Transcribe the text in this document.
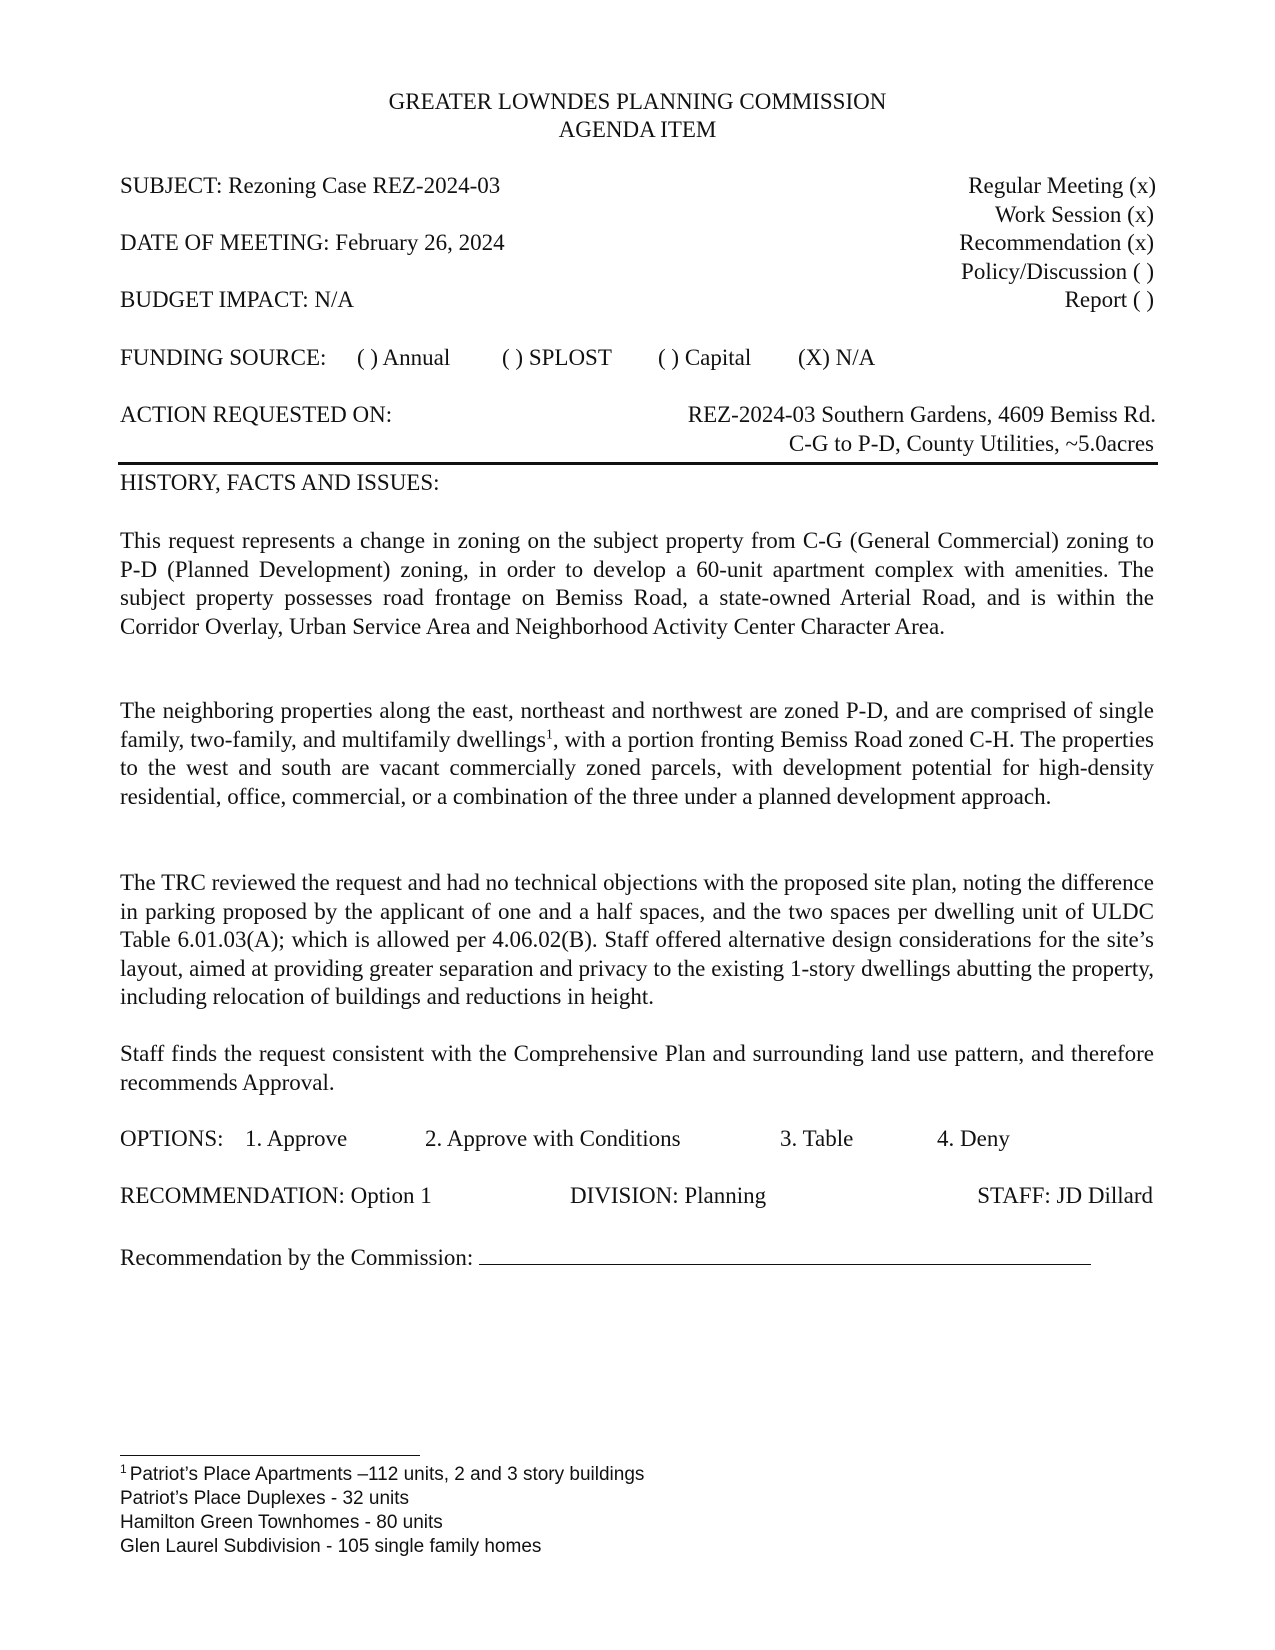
GREATER LOWNDES PLANNING COMMISSION
AGENDA ITEM
SUBJECT: Rezoning Case REZ-2024-03
DATE OF MEETING: February 26, 2024
BUDGET IMPACT: N/A
Regular Meeting (x)
Work Session (x)
Recommendation (x)
Policy/Discussion ( )
Report ( )
FUNDING SOURCE: ( ) Annual ( ) SPLOST ( ) Capital (X) N/A
ACTION REQUESTED ON:	REZ-2024-03 Southern Gardens, 4609 Bemiss Rd.
C-G to P-D, County Utilities, ~5.0acres
HISTORY, FACTS AND ISSUES:
This request represents a change in zoning on the subject property from C-G (General Commercial) zoning to P-D (Planned Development) zoning, in order to develop a 60-unit apartment complex with amenities. The subject property possesses road frontage on Bemiss Road, a state-owned Arterial Road, and is within the Corridor Overlay, Urban Service Area and Neighborhood Activity Center Character Area.
The neighboring properties along the east, northeast and northwest are zoned P-D, and are comprised of single family, two-family, and multifamily dwellings$^1$, with a portion fronting Bemiss Road zoned C-H. The properties to the west and south are vacant commercially zoned parcels, with development potential for high-density residential, office, commercial, or a combination of the three under a planned development approach.
The TRC reviewed the request and had no technical objections with the proposed site plan, noting the difference in parking proposed by the applicant of one and a half spaces, and the two spaces per dwelling unit of ULDC Table 6.01.03(A); which is allowed per 4.06.02(B). Staff offered alternative design considerations for the site’s layout, aimed at providing greater separation and privacy to the existing 1-story dwellings abutting the property, including relocation of buildings and reductions in height.
Staff finds the request consistent with the Comprehensive Plan and surrounding land use pattern, and therefore recommends Approval.
OPTIONS: 1. Approve	2. Approve with Conditions	3. Table	4. Deny
RECOMMENDATION: Option 1	DIVISION: Planning	STAFF: JD Dillard
Recommendation by the Commission:
$^1$ Patriot’s Place Apartments –112 units, 2 and 3 story buildings
Patriot’s Place Duplexes - 32 units
Hamilton Green Townhomes - 80 units
Glen Laurel Subdivision - 105 single family homes
